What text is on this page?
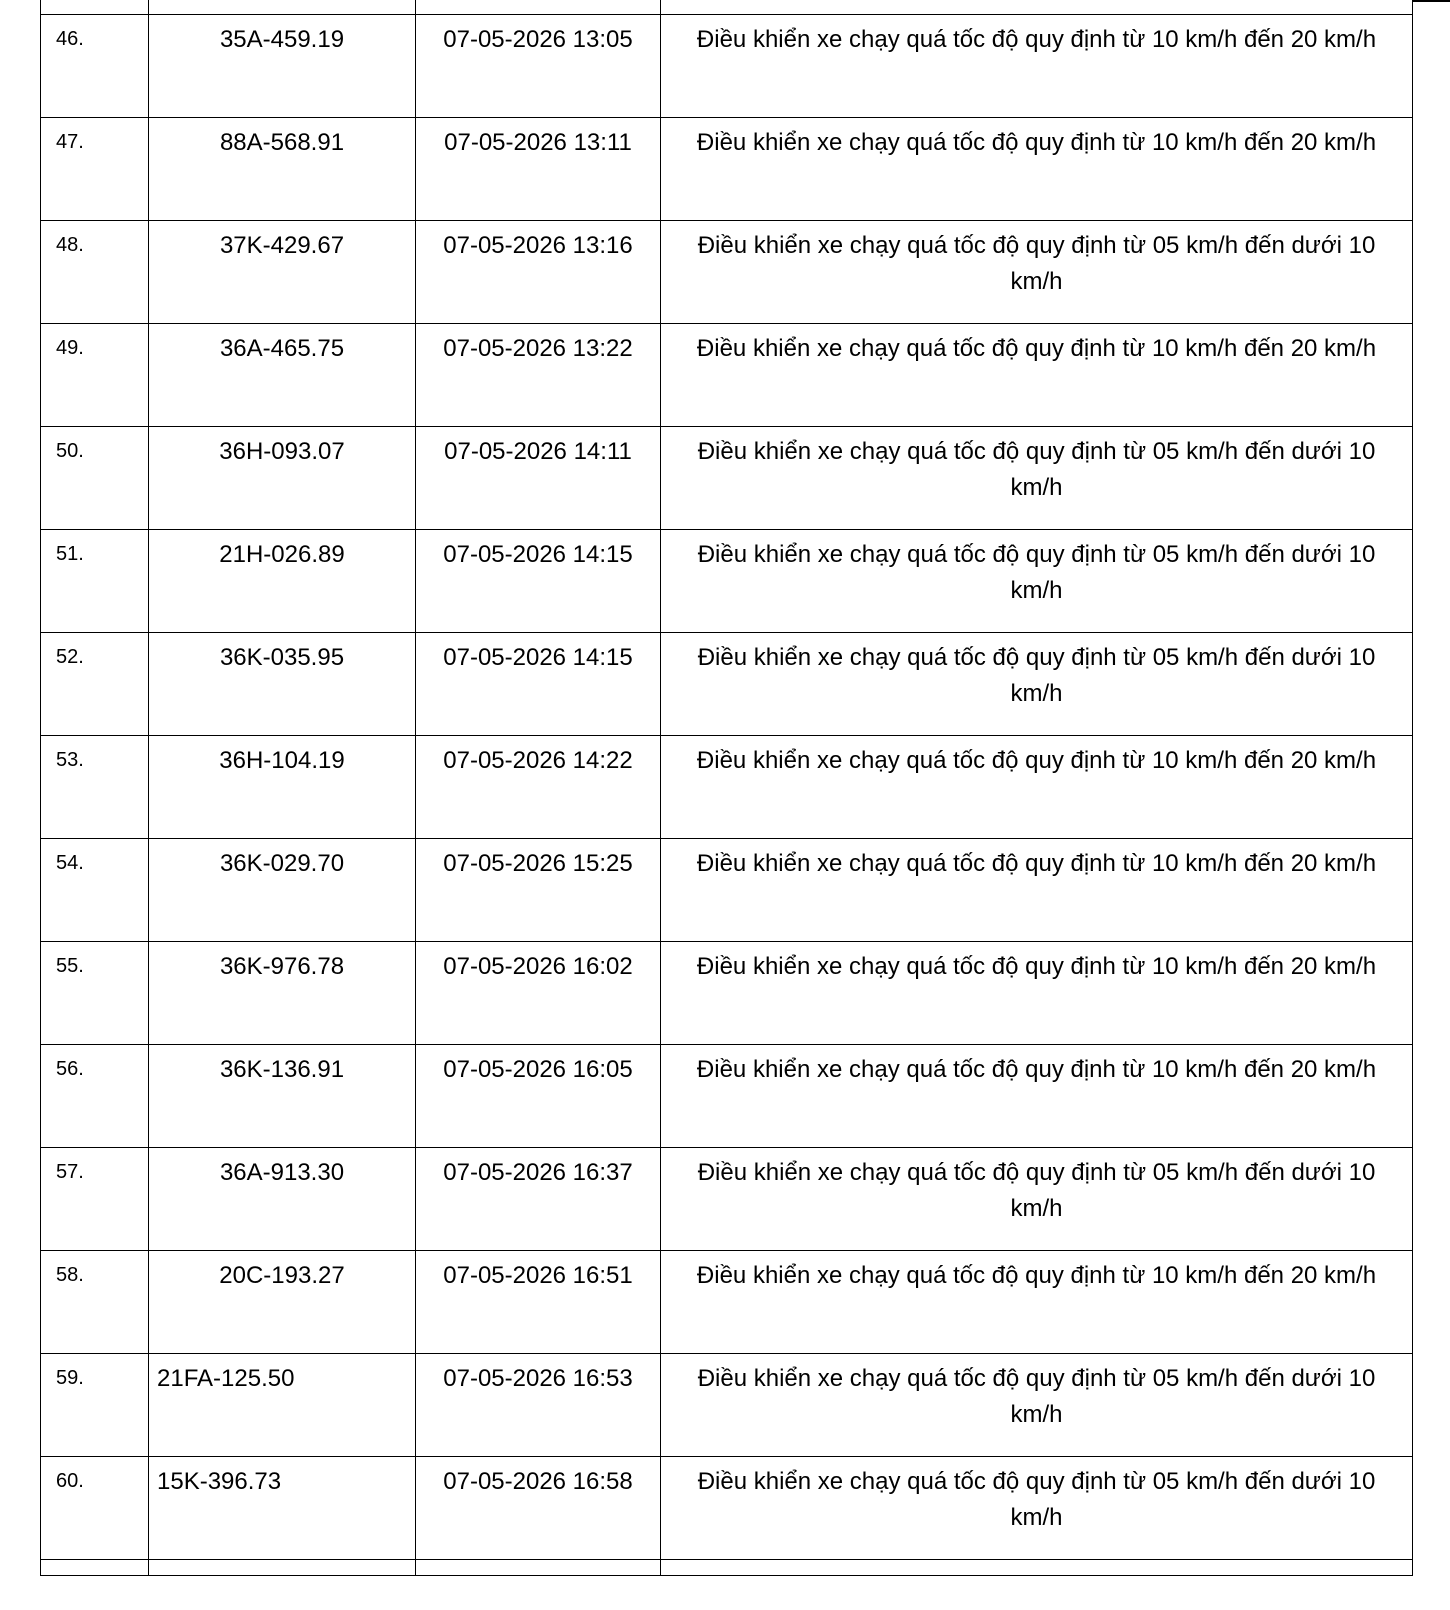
46.	35A-459.19	07-05-2026 13:05	Điều khiển xe chạy quá tốc độ quy định từ 10 km/h đến 20 km/h
47.	88A-568.91	07-05-2026 13:11	Điều khiển xe chạy quá tốc độ quy định từ 10 km/h đến 20 km/h
48.	37K-429.67	07-05-2026 13:16	Điều khiển xe chạy quá tốc độ quy định từ 05 km/h đến dưới 10 km/h
49.	36A-465.75	07-05-2026 13:22	Điều khiển xe chạy quá tốc độ quy định từ 10 km/h đến 20 km/h
50.	36H-093.07	07-05-2026 14:11	Điều khiển xe chạy quá tốc độ quy định từ 05 km/h đến dưới 10 km/h
51.	21H-026.89	07-05-2026 14:15	Điều khiển xe chạy quá tốc độ quy định từ 05 km/h đến dưới 10 km/h
52.	36K-035.95	07-05-2026 14:15	Điều khiển xe chạy quá tốc độ quy định từ 05 km/h đến dưới 10 km/h
53.	36H-104.19	07-05-2026 14:22	Điều khiển xe chạy quá tốc độ quy định từ 10 km/h đến 20 km/h
54.	36K-029.70	07-05-2026 15:25	Điều khiển xe chạy quá tốc độ quy định từ 10 km/h đến 20 km/h
55.	36K-976.78	07-05-2026 16:02	Điều khiển xe chạy quá tốc độ quy định từ 10 km/h đến 20 km/h
56.	36K-136.91	07-05-2026 16:05	Điều khiển xe chạy quá tốc độ quy định từ 10 km/h đến 20 km/h
57.	36A-913.30	07-05-2026 16:37	Điều khiển xe chạy quá tốc độ quy định từ 05 km/h đến dưới 10 km/h
58.	20C-193.27	07-05-2026 16:51	Điều khiển xe chạy quá tốc độ quy định từ 10 km/h đến 20 km/h
59.	21FA-125.50	07-05-2026 16:53	Điều khiển xe chạy quá tốc độ quy định từ 05 km/h đến dưới 10 km/h
60.	15K-396.73	07-05-2026 16:58	Điều khiển xe chạy quá tốc độ quy định từ 05 km/h đến dưới 10 km/h
